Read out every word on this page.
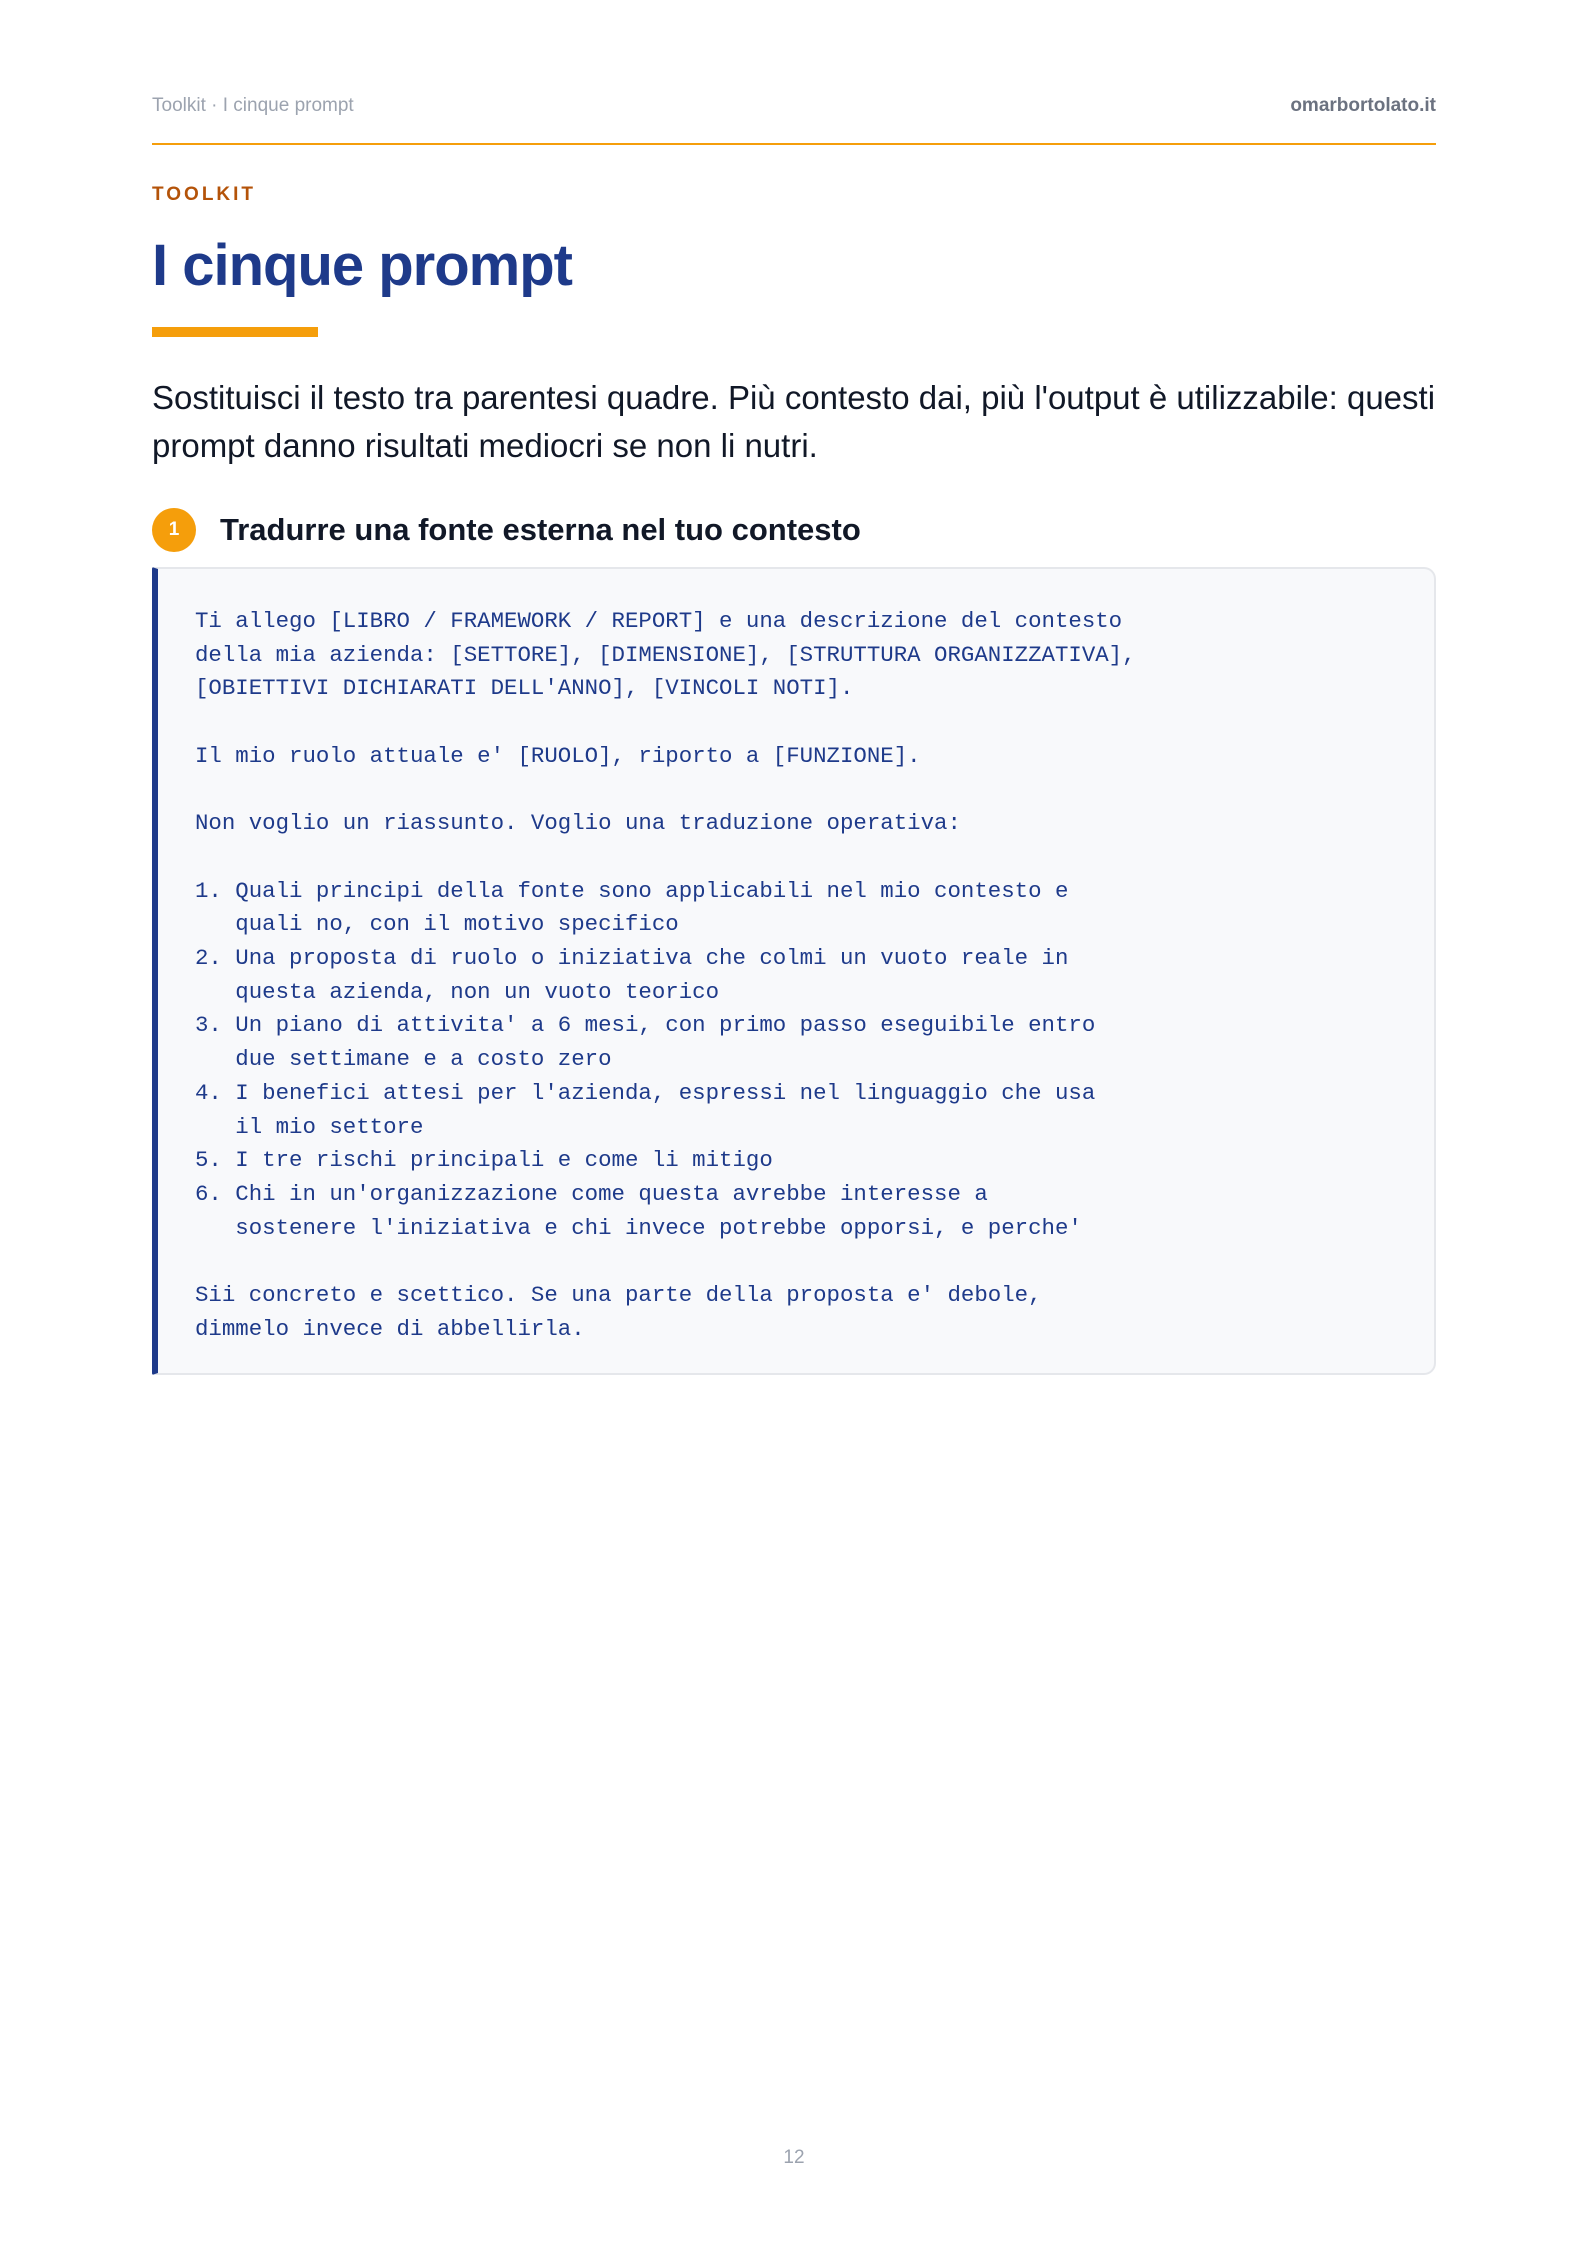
Toolkit · I cinque prompt	omarbortolato.it
TOOLKIT
I cinque prompt

Sostituisci il testo tra parentesi quadre. Più contesto dai, più l'output è utilizzabile: questi prompt danno risultati mediocri se non li nutri.

1	Tradurre una fonte esterna nel tuo contesto
Ti allego [LIBRO / FRAMEWORK / REPORT] e una descrizione del contesto
della mia azienda: [SETTORE], [DIMENSIONE], [STRUTTURA ORGANIZZATIVA],
[OBIETTIVI DICHIARATI DELL'ANNO], [VINCOLI NOTI].

Il mio ruolo attuale e' [RUOLO], riporto a [FUNZIONE].

Non voglio un riassunto. Voglio una traduzione operativa:

1. Quali principi della fonte sono applicabili nel mio contesto e
quali no, con il motivo specifico
2. Una proposta di ruolo o iniziativa che colmi un vuoto reale in
questa azienda, non un vuoto teorico
3. Un piano di attivita' a 6 mesi, con primo passo eseguibile entro
due settimane e a costo zero
4. I benefici attesi per l'azienda, espressi nel linguaggio che usa
il mio settore
5. I tre rischi principali e come li mitigo
6. Chi in un'organizzazione come questa avrebbe interesse a
sostenere l'iniziativa e chi invece potrebbe opporsi, e perche'

Sii concreto e scettico. Se una parte della proposta e' debole,
dimmelo invece di abbellirla.
12
